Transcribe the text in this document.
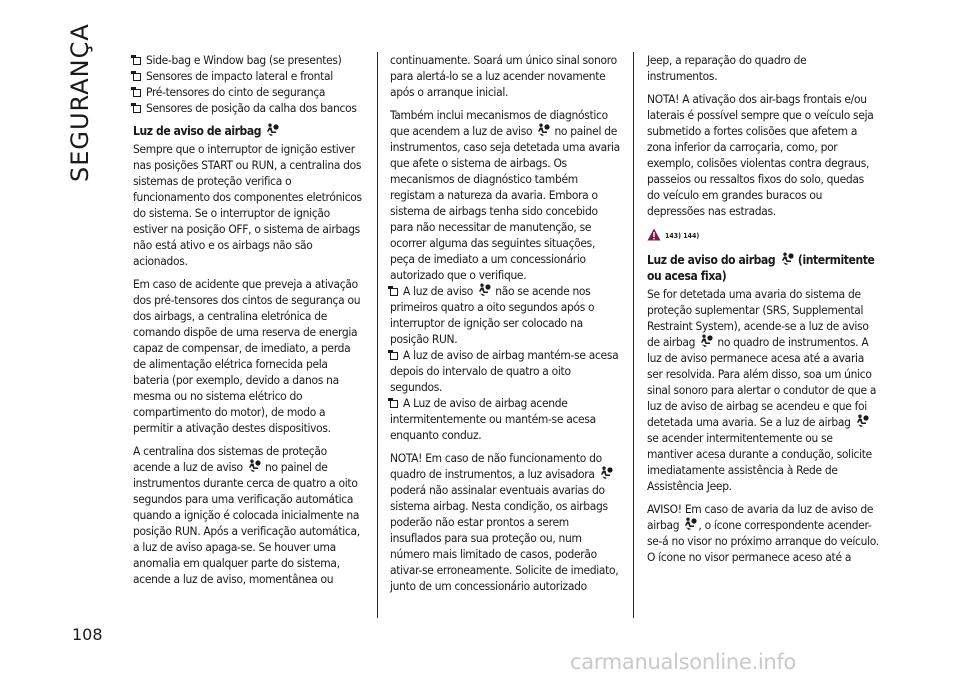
SEGURANÇA	Side-bag e Window bag (se presentes)

Sensores de impacto lateral e frontal

Pré-tensores do cinto de segurança

Sensores de posição da calha dos bancos

Luz de aviso de airbag

Sempre que o interruptor de ignição estiver nas posições START ou RUN, a centralina dos sistemas de proteção verifica o funcionamento dos componentes eletrónicos do sistema. Se o interruptor de ignição estiver na posição OFF, o sistema de airbags não está ativo e os airbags não são acionados.

Em caso de acidente que preveja a ativação dos pré-tensores dos cintos de segurança ou dos airbags, a centralina eletrónica de comando dispõe de uma reserva de energia capaz de compensar, de imediato, a perda de alimentação elétrica fornecida pela bateria (por exemplo, devido a danos na mesma ou no sistema elétrico do compartimento do motor), de modo a permitir a ativação destes dispositivos.

A centralina dos sistemas de proteção acende a luz de aviso no painel de instrumentos durante cerca de quatro a oito segundos para uma verificação automática quando a ignição é colocada inicialmente na posição RUN. Após a verificação automática, a luz de aviso apaga-se. Se houver uma anomalia em qualquer parte do sistema, acende a luz de aviso, momentânea ou

continuamente. Soará um único sinal sonoro para alertá-lo se a luz acender novamente após o arranque inicial.

Também inclui mecanismos de diagnóstico que acendem a luz de aviso no painel de instrumentos, caso seja detetada uma avaria que afete o sistema de airbags. Os mecanismos de diagnóstico também registam a natureza da avaria. Embora o sistema de airbags tenha sido concebido para não necessitar de manutenção, se ocorrer alguma das seguintes situações, peça de imediato a um concessionário autorizado que o verifique.

A luz de aviso não se acende nos primeiros quatro a oito segundos após o interruptor de ignição ser colocado na posição RUN.

A luz de aviso de airbag mantém-se acesa depois do intervalo de quatro a oito segundos.

A Luz de aviso de airbag acende intermitentemente ou mantém-se acesa enquanto conduz.

NOTA! Em caso de não funcionamento do quadro de instrumentos, a luz avisadora  poderá não assinalar eventuais avarias do sistema airbag. Nesta condição, os airbags poderão não estar prontos a serem insuflados para sua proteção ou, num número mais limitado de casos, poderão ativar-se erroneamente. Solicite de imediato, junto de um concessionário autorizado

Jeep, a reparação do quadro de instrumentos.

NOTA! A ativação dos air-bags frontais e/ou laterais é possível sempre que o veículo seja submetido a fortes colisões que afetem a zona inferior da carroçaria, como, por exemplo, colisões violentas contra degraus, passeios ou ressaltos fixos do solo, quedas do veículo em grandes buracos ou depressões nas estradas.

143) 144)
Luz de aviso do airbag (intermitente ou acesa fixa)

Se for detetada uma avaria do sistema de proteção suplementar (SRS, Supplemental Restraint System), acende-se a luz de aviso de airbag no quadro de instrumentos. A luz de aviso permanece acesa até a avaria ser resolvida. Para além disso, soa um único sinal sonoro para alertar o condutor de que a luz de aviso de airbag se acendeu e que foi detetada uma avaria. Se a luz de airbag  se acender intermitentemente ou se mantiver acesa durante a condução, solicite imediatamente assistência à Rede de Assistência Jeep.

AVISO! Em caso de avaria da luz de aviso de airbag , o ícone correspondente acender-se-á no visor no próximo arranque do veículo. O ícone no visor permanece aceso até a

108
carmanualsonline.info
